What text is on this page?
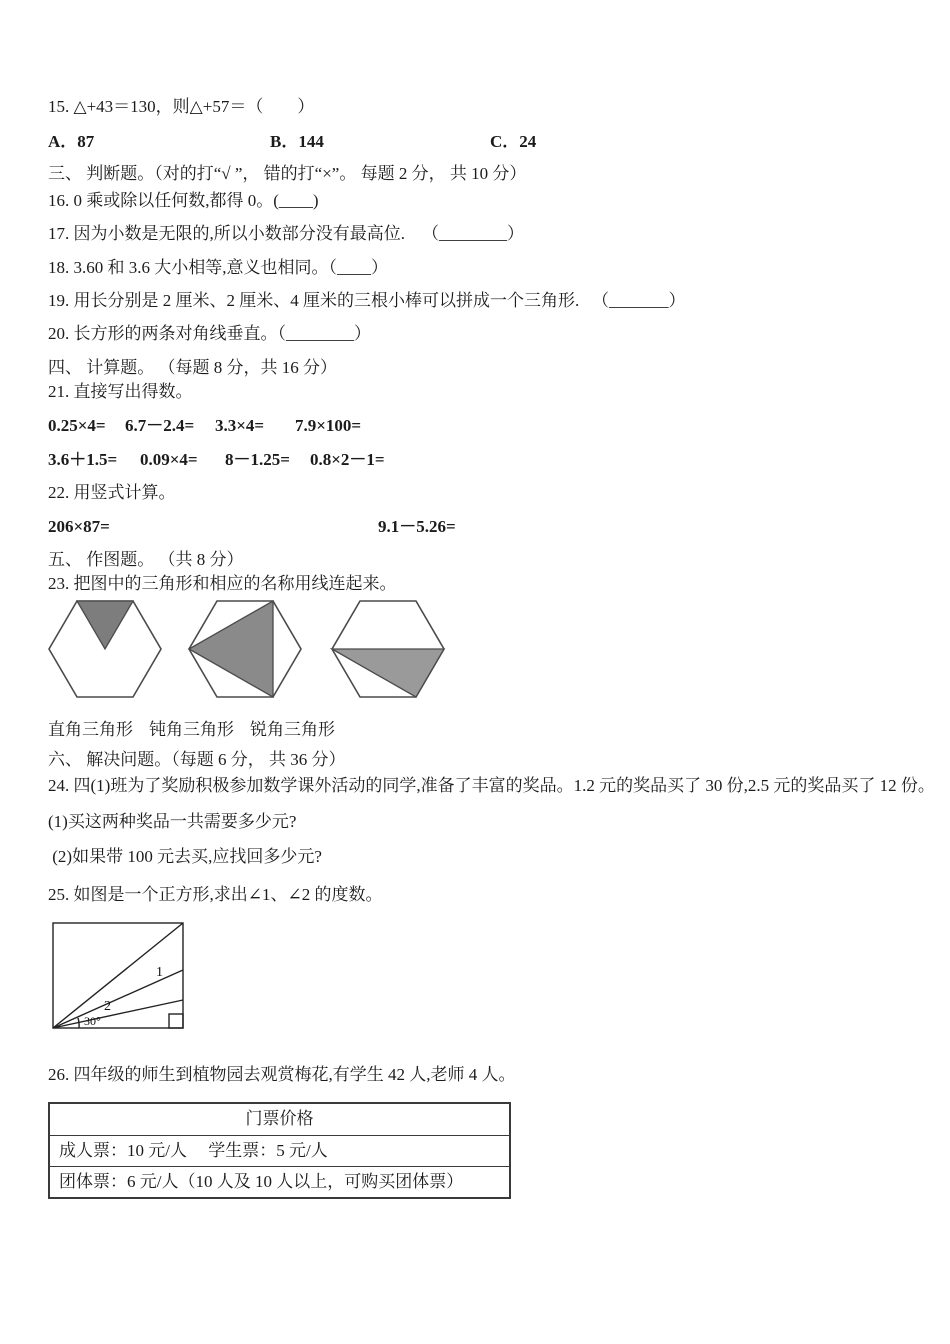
15. △+43＝130，则△+57＝（　　）
A．87	B．144	C．24
三、 判断题。（对的打“√ ”， 错的打“×”。 每题 2 分， 共 10 分）
16. 0 乘或除以任何数,都得 0。(____)
17. 因为小数是无限的,所以小数部分没有最高位.    （________）
18. 3.60 和 3.6 大小相等,意义也相同。（____）
19. 用长分别是 2 厘米、2 厘米、4 厘米的三根小棒可以拼成一个三角形.   （_______）
20. 长方形的两条对角线垂直。（________）
四、 计算题。 （每题 8 分，共 16 分）
21. 直接写出得数。
0.25×4=	6.7－2.4=	3.3×4=	7.9×100=
3.6＋1.5=	0.09×4=	8－1.25=	0.8×2－1=
22. 用竖式计算。
206×87=	9.1－5.26=
五、 作图题。 （共 8 分）
23. 把图中的三角形和相应的名称用线连起来。
直角三角形 钝角三角形 锐角三角形
六、 解决问题。（每题 6 分， 共 36 分）
24. 四(1)班为了奖励积极参加数学课外活动的同学,准备了丰富的奖品。1.2 元的奖品买了 30 份,2.5 元的奖品买了 12 份。
(1)买这两种奖品一共需要多少元?
(2)如果带 100 元去买,应找回多少元?
25. 如图是一个正方形,求出∠1、∠2 的度数。
1
2
30°
26. 四年级的师生到植物园去观赏梅花,有学生 42 人,老师 4 人。
门票价格
成人票：10 元/人　 学生票：5 元/人
团体票：6 元/人（10 人及 10 人以上，可购买团体票）
